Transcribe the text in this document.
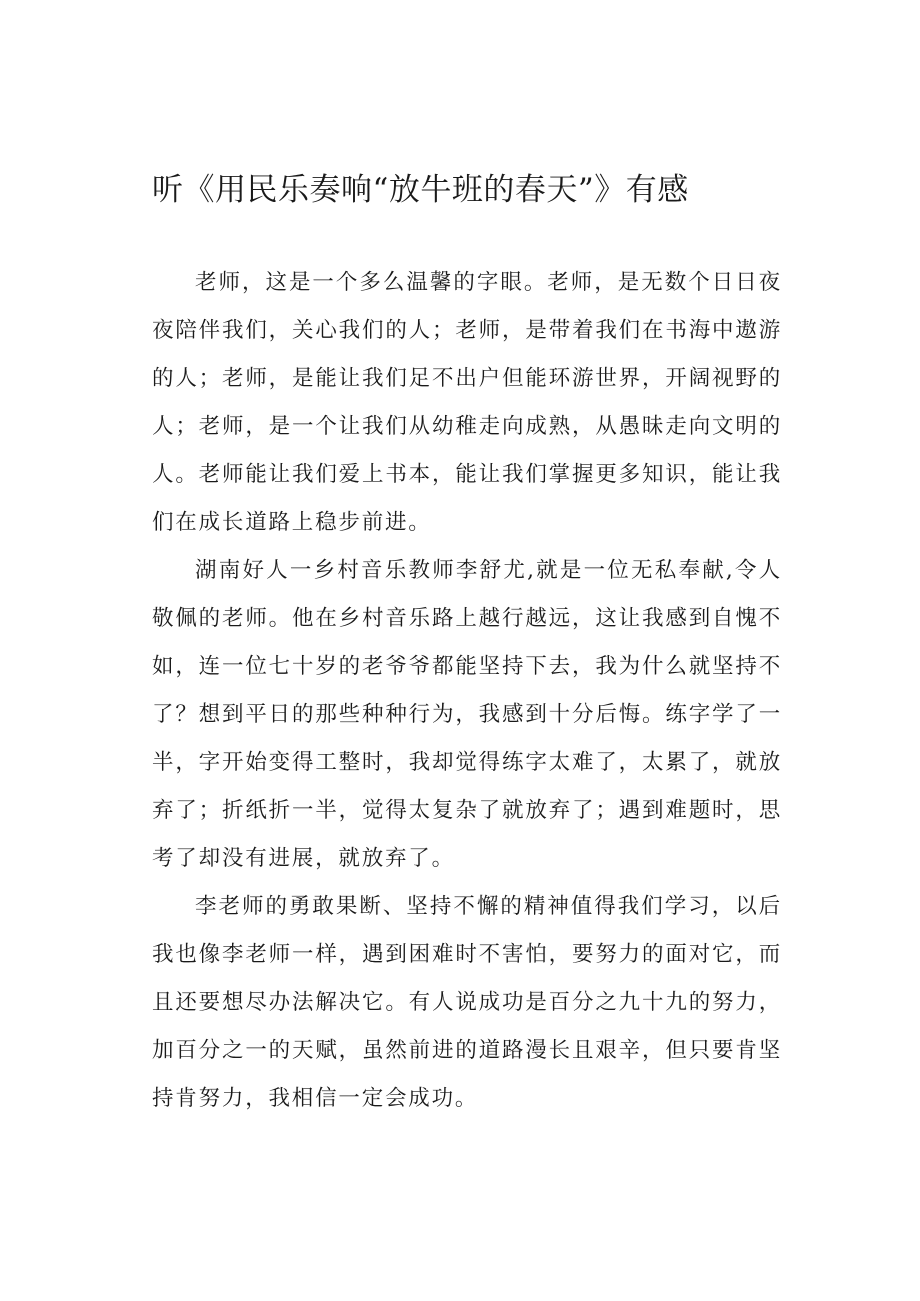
听《用民乐奏响“放牛班的春天”》有感

老师，这是一个多么温馨的字眼。老师，是无数个日日夜夜陪伴我们，关心我们的人；老师，是带着我们在书海中遨游的人；老师，是能让我们足不出户但能环游世界，开阔视野的人；老师，是一个让我们从幼稚走向成熟，从愚昧走向文明的人。老师能让我们爱上书本，能让我们掌握更多知识，能让我们在成长道路上稳步前进。

湖南好人一乡村音乐教师李舒尤,就是一位无私奉献,令人敬佩的老师。他在乡村音乐路上越行越远，这让我感到自愧不如，连一位七十岁的老爷爷都能坚持下去，我为什么就坚持不了？想到平日的那些种种行为，我感到十分后悔。练字学了一半，字开始变得工整时，我却觉得练字太难了，太累了，就放弃了；折纸折一半，觉得太复杂了就放弃了；遇到难题时，思考了却没有进展，就放弃了。

李老师的勇敢果断、坚持不懈的精神值得我们学习，以后我也像李老师一样，遇到困难时不害怕，要努力的面对它，而且还要想尽办法解决它。有人说成功是百分之九十九的努力，加百分之一的天赋，虽然前进的道路漫长且艰辛，但只要肯坚持肯努力，我相信一定会成功。
